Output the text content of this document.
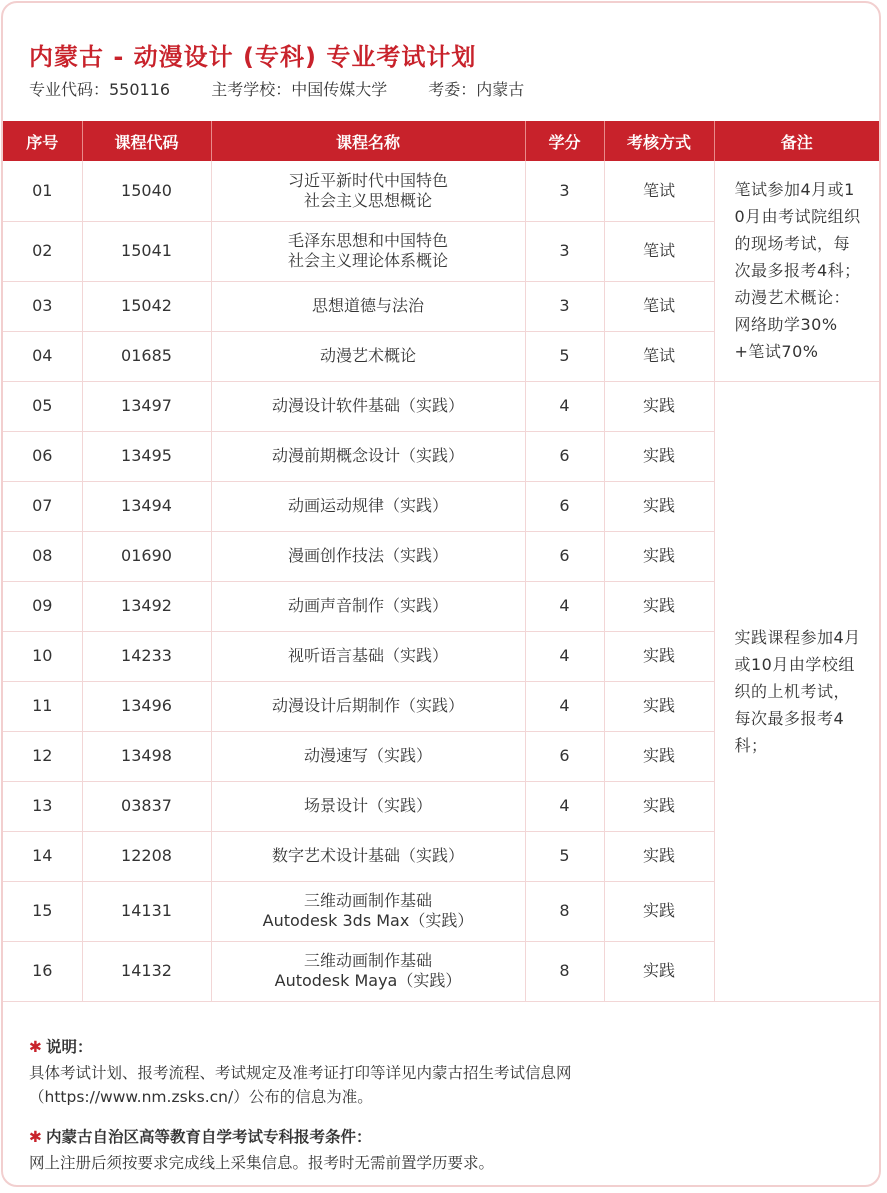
内蒙古 - 动漫设计 (专科) 专业考试计划
专业代码：550116	主考学校：中国传媒大学	考委：内蒙古
序号	课程代码	课程名称	学分	考核方式	备注
01	15040	习近平新时代中国特色
社会主义思想概论	3	笔试	笔试参加4月或10月由考试院组织的现场考试，每次最多报考4科；动漫艺术概论：网络助学30%+笔试70%
02	15041	毛泽东思想和中国特色
社会主义理论体系概论	3	笔试	
03	15042	思想道德与法治	3	笔试	
04	01685	动漫艺术概论	5	笔试	
05	13497	动漫设计软件基础（实践）	4	实践	实践课程参加4月或10月由学校组织的上机考试，每次最多报考4科；
06	13495	动漫前期概念设计（实践）	6	实践	
07	13494	动画运动规律（实践）	6	实践	
08	01690	漫画创作技法（实践）	6	实践	
09	13492	动画声音制作（实践）	4	实践	
10	14233	视听语言基础（实践）	4	实践	
11	13496	动漫设计后期制作（实践）	4	实践	
12	13498	动漫速写（实践）	6	实践	
13	03837	场景设计（实践）	4	实践	
14	12208	数字艺术设计基础（实践）	5	实践	
15	14131	三维动画制作基础
Autodesk 3ds Max（实践）	8	实践	
16	14132	三维动画制作基础
Autodesk Maya（实践）	8	实践	
✱ 说明：
具体考试计划、报考流程、考试规定及准考证打印等详见内蒙古招生考试信息网
（https://www.nm.zsks.cn/）公布的信息为准。
✱ 内蒙古自治区高等教育自学考试专科报考条件：
网上注册后须按要求完成线上采集信息。报考时无需前置学历要求。
